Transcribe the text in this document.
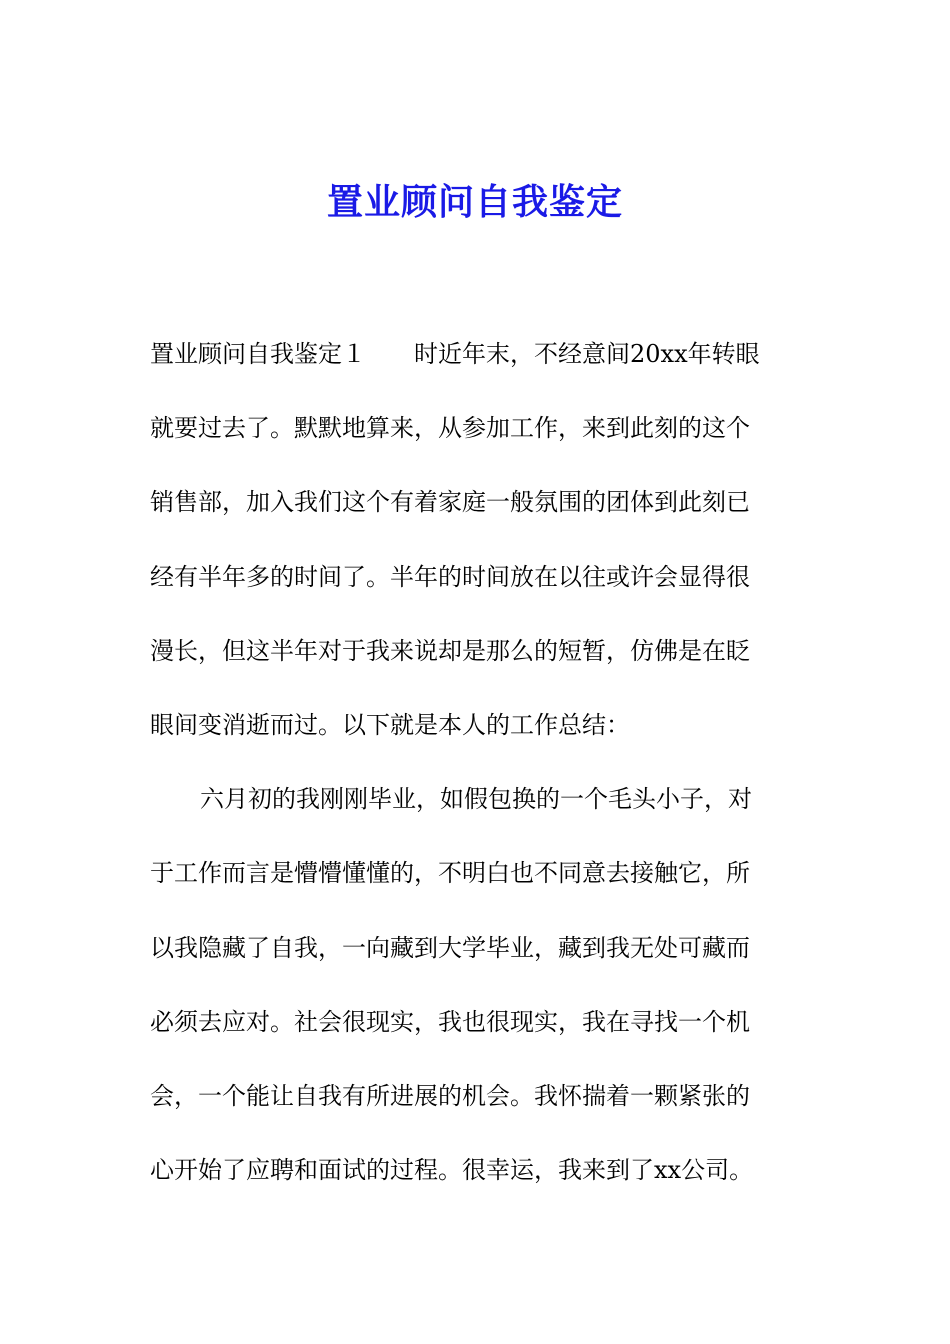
置业顾问自我鉴定
置业顾问自我鉴定１　　时近年末，不经意间20xx年转眼
就要过去了。默默地算来，从参加工作，来到此刻的这个
销售部，加入我们这个有着家庭一般氛围的团体到此刻已
经有半年多的时间了。半年的时间放在以往或许会显得很
漫长，但这半年对于我来说却是那么的短暂，仿佛是在眨
眼间变消逝而过。以下就是本人的工作总结：
六月初的我刚刚毕业，如假包换的一个毛头小子，对
于工作而言是懵懵懂懂的，不明白也不同意去接触它，所
以我隐藏了自我，一向藏到大学毕业，藏到我无处可藏而
必须去应对。社会很现实，我也很现实，我在寻找一个机
会，一个能让自我有所进展的机会。我怀揣着一颗紧张的
心开始了应聘和面试的过程。很幸运，我来到了xx公司。
